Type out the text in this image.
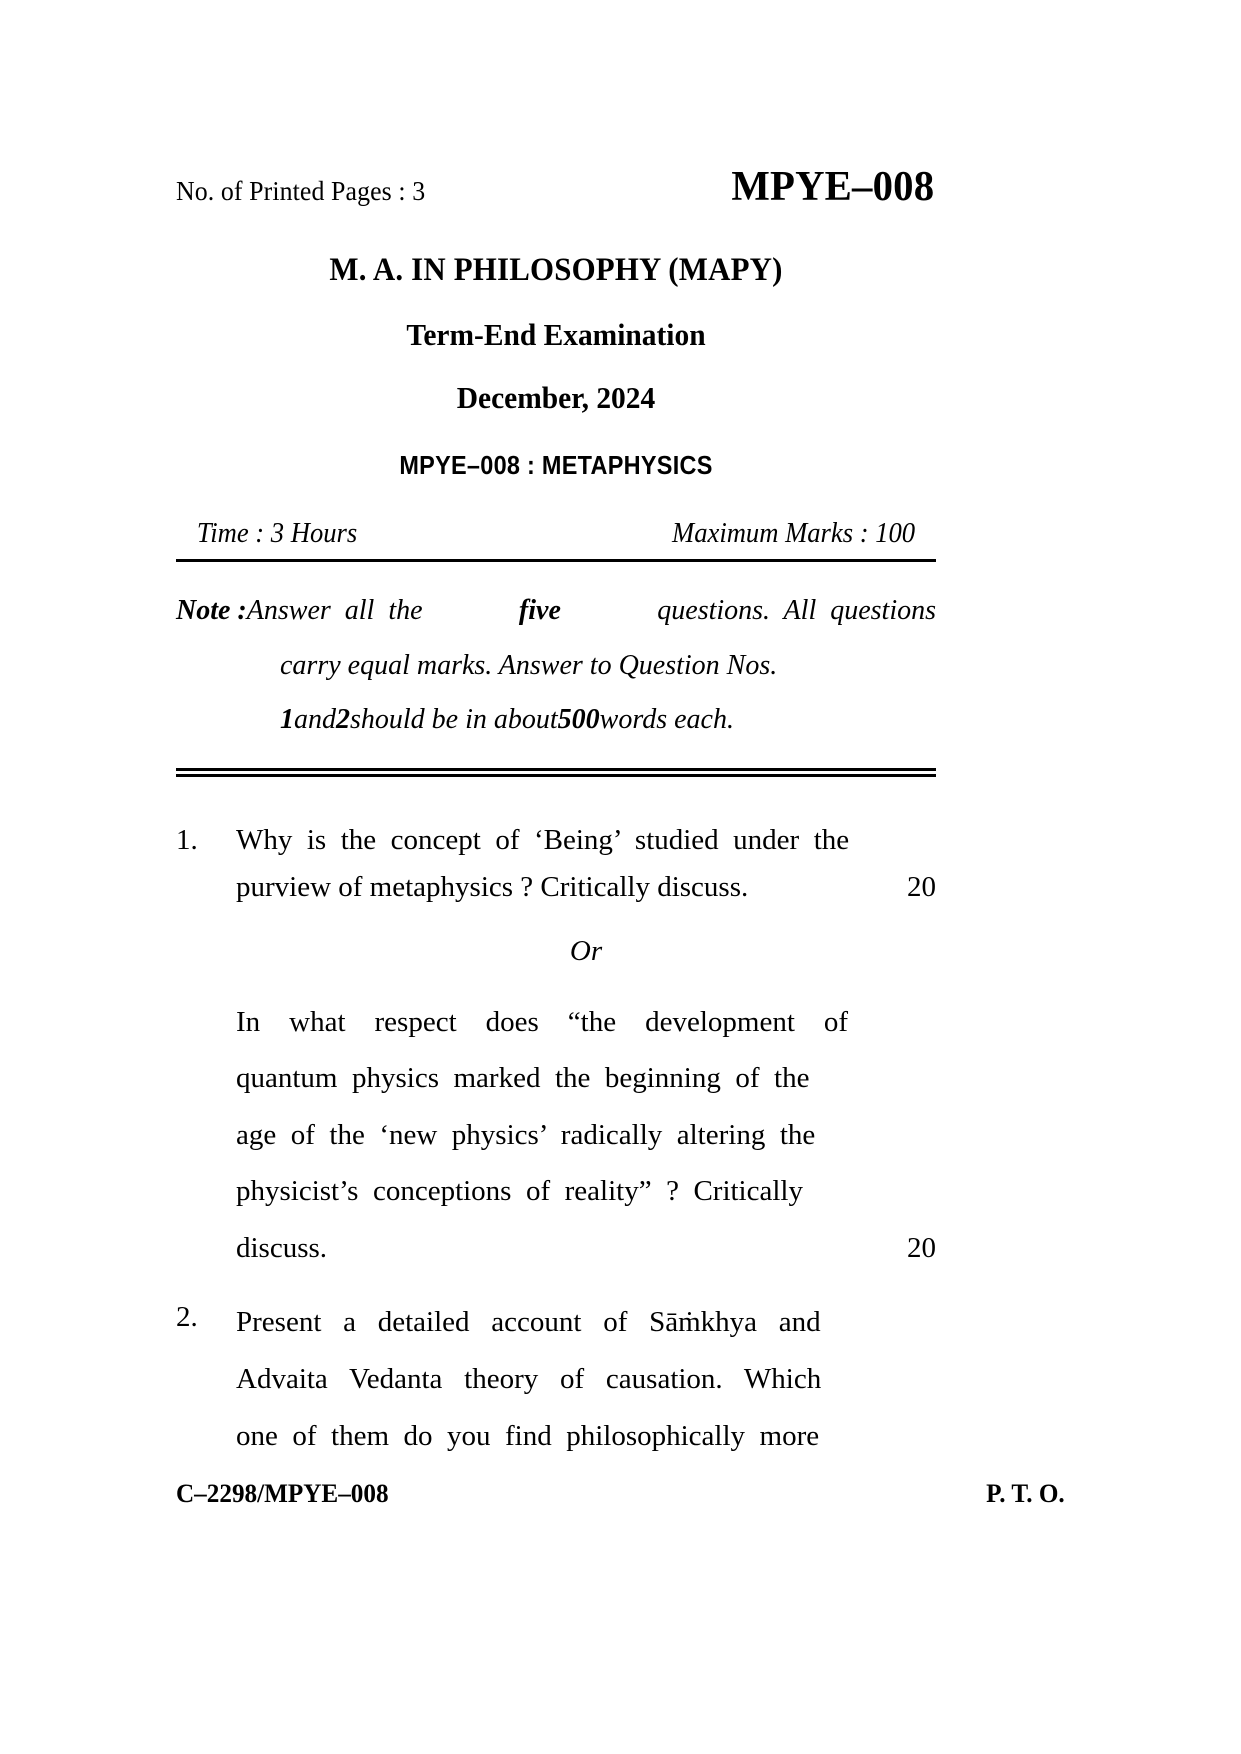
No. of Printed Pages : 3	MPYE–008
M. A. IN PHILOSOPHY (MAPY)
Term-End Examination
December, 2024
MPYE–008 : METAPHYSICS
Time : 3 Hours	Maximum Marks : 100
Note : Answer  all  the	five	questions.  All  questions
carry equal marks. Answer to Question Nos.
1 and 2 should be in about 500 words each.
1.	Why  is  the  concept  of  ‘Being’  studied  under  the
purview of metaphysics ? Critically discuss.	20
Or
In    what    respect    does    “the    development    of
quantum  physics  marked  the  beginning  of  the
age  of  the  ‘new  physics’  radically  altering  the
physicist’s  conceptions  of  reality”  ?  Critically
discuss.	20
2.	Present   a   detailed   account   of   Sāṁkhya   and
Advaita   Vedanta   theory   of   causation.   Which
one  of  them  do  you  find  philosophically  more
C–2298/MPYE–008	P. T. O.
